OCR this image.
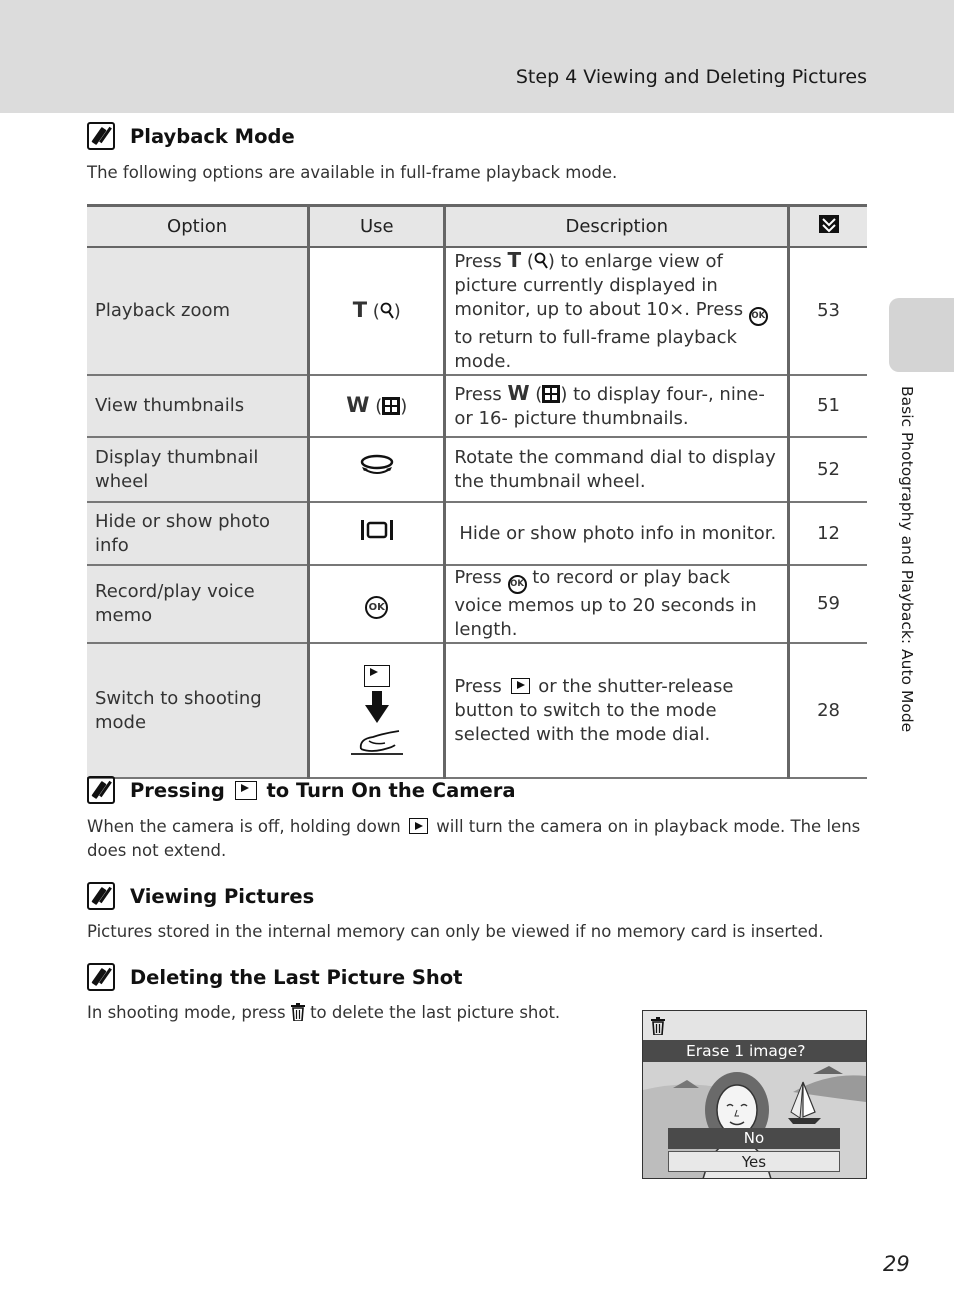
Step 4 Viewing and Deleting Pictures
Basic Photography and Playback: Auto Mode
Playback Mode
The following options are available in full-frame playback mode.
Option	Use	Description	
Playback zoom	T ( )	Press T ( ) to enlarge view of picture currently displayed in monitor, up to about 10×. Press OK to return to full-frame playback mode.	53
View thumbnails	W ( )	Press W ( ) to display four-, nine- or 16- picture thumbnails.	51
Display thumbnail wheel		Rotate the command dial to display the thumbnail wheel.	52
Hide or show photo info		Hide or show photo info in monitor.	12
Record/play voice memo	OK	Press OK to record or play back voice memos up to 20 seconds in length.	59
Switch to shooting mode		Press or the shutter-release button to switch to the mode selected with the mode dial.	28
Pressing

to Turn On the Camera
When the camera is off, holding down will turn the camera on in playback mode. The lens does not extend.
Viewing Pictures
Pictures stored in the internal memory can only be viewed if no memory card is inserted.
Deleting the Last Picture Shot
In shooting mode, press to delete the last picture shot.
Erase 1 image?
No
Yes
29
